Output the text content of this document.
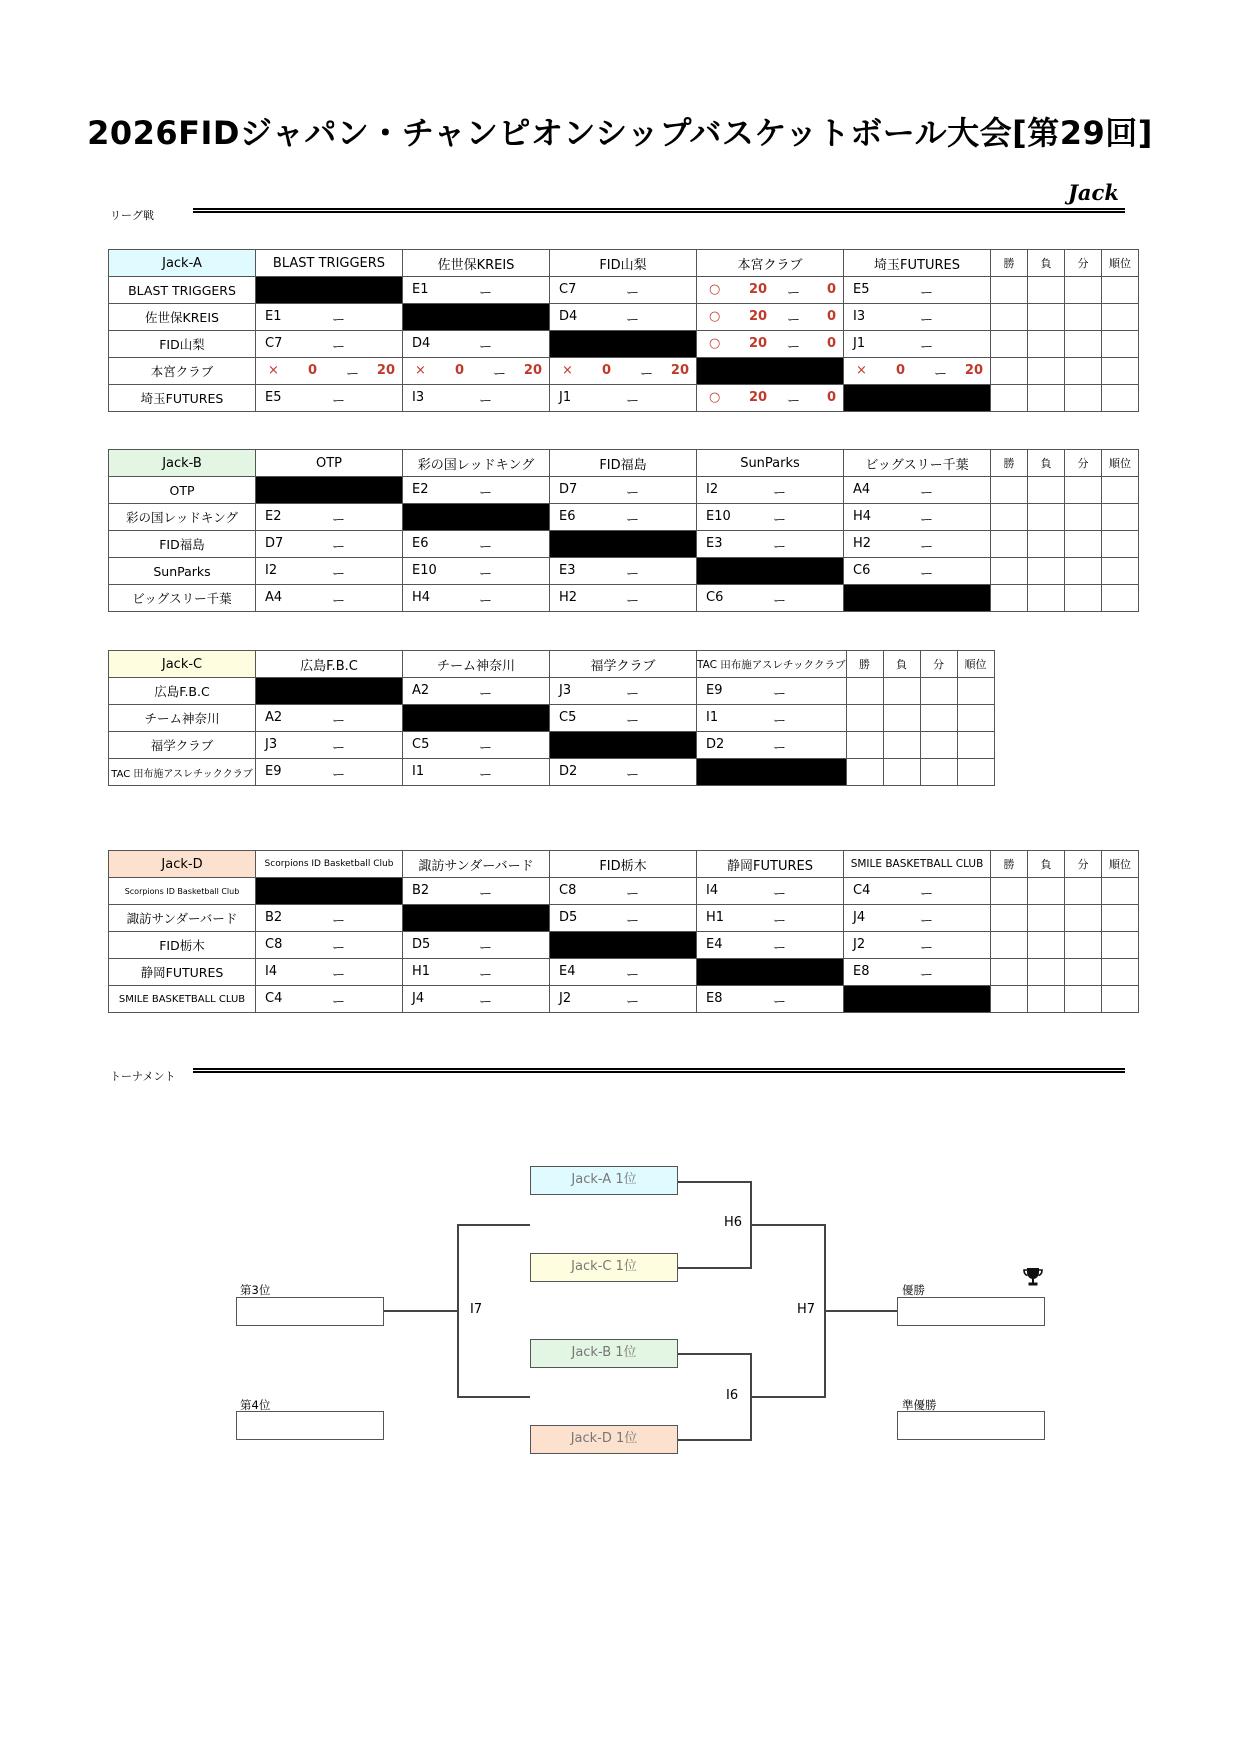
2026FIDジャパン・チャンピオンシップバスケットボール大会[第29回]
Jack
リーグ戦
Jack-A	BLAST TRIGGERS	佐世保KREIS	FID山梨	本宮クラブ	埼玉FUTURES	勝	負	分	順位
BLAST TRIGGERS		E1 ー	C7 ー	○ 20 ー 0	E5 ー				

佐世保KREIS	E1 ー		D4 ー	○ 20 ー 0	I3 ー				

FID山梨	C7 ー	D4 ー		○ 20 ー 0	J1 ー				

本宮クラブ	× 0 ー 20	× 0 ー 20	× 0 ー 20		× 0 ー 20				

埼玉FUTURES	E5 ー	I3 ー	J1 ー	○ 20 ー 0					

Jack-B	OTP	彩の国レッドキング	FID福島	SunParks	ビッグスリー千葉	勝	負	分	順位
OTP		E2 ー	D7 ー	I2 ー	A4 ー				

彩の国レッドキング	E2 ー		E6 ー	E10 ー	H4 ー				

FID福島	D7 ー	E6 ー		E3 ー	H2 ー				

SunParks	I2 ー	E10 ー	E3 ー		C6 ー				

ビッグスリー千葉	A4 ー	H4 ー	H2 ー	C6 ー					

Jack-C	広島F.B.C	チーム神奈川	福学クラブ	TAC 田布施アスレチッククラブ	勝	負	分	順位
広島F.B.C		A2 ー	J3 ー	E9 ー				

チーム神奈川	A2 ー		C5 ー	I1 ー				

福学クラブ	J3 ー	C5 ー		D2 ー				

TAC 田布施アスレチッククラブ	E9 ー	I1 ー	D2 ー					

Jack-D	Scorpions ID Basketball Club	諏訪サンダーバード	FID栃木	静岡FUTURES	SMILE BASKETBALL CLUB	勝	負	分	順位
Scorpions ID Basketball Club		B2 ー	C8 ー	I4 ー	C4 ー				

諏訪サンダーバード	B2 ー		D5 ー	H1 ー	J4 ー				

FID栃木	C8 ー	D5 ー		E4 ー	J2 ー				

静岡FUTURES	I4 ー	H1 ー	E4 ー		E8 ー				

SMILE BASKETBALL CLUB	C4 ー	J4 ー	J2 ー	E8 ー					

トーナメント
Jack-A 1位
Jack-C 1位
Jack-B 1位
Jack-D 1位
H6
I6
H7
I7
第3位
第4位
優勝
準優勝
